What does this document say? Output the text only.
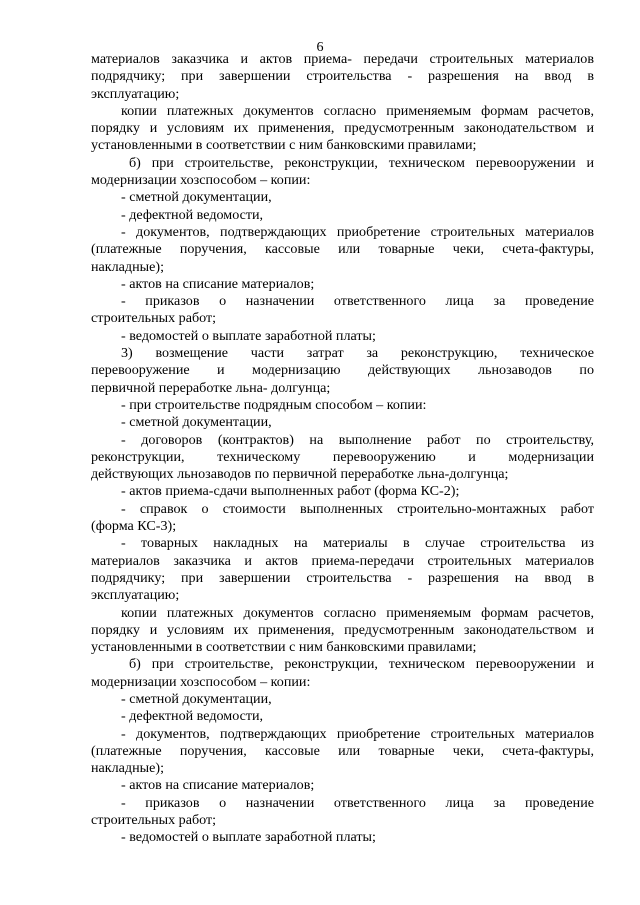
6
материалов заказчика и актов приема- передачи строительных материалов
подрядчику; при завершении строительства - разрешения на ввод в
эксплуатацию;
копии платежных документов согласно применяемым формам расчетов,
порядку и условиям их применения, предусмотренным законодательством и
установленными в соответствии с ним банковскими правилами;
б) при строительстве, реконструкции, техническом перевооружении и
модернизации хозспособом – копии:
- сметной документации,
- дефектной ведомости,
- документов, подтверждающих приобретение строительных материалов
(платежные поручения, кассовые или товарные чеки, счета-фактуры,
накладные);
- актов на списание материалов;
- приказов о назначении ответственного лица за проведение
строительных работ;
- ведомостей о выплате заработной платы;
3) возмещение части затрат за реконструкцию, техническое
перевооружение и модернизацию действующих льнозаводов по
первичной переработке льна- долгунца;
- при строительстве подрядным способом – копии:
- сметной документации,
- договоров (контрактов) на выполнение работ по строительству,
реконструкции, техническому перевооружению и модернизации
действующих льнозаводов по первичной переработке льна-долгунца;
- актов приема-сдачи выполненных работ (форма КС-2);
- справок о стоимости выполненных строительно-монтажных работ
(форма КС-3);
- товарных накладных на материалы в случае строительства из
материалов заказчика и актов приема-передачи строительных материалов
подрядчику; при завершении строительства - разрешения на ввод в
эксплуатацию;
копии платежных документов согласно применяемым формам расчетов,
порядку и условиям их применения, предусмотренным законодательством и
установленными в соответствии с ним банковскими правилами;
б) при строительстве, реконструкции, техническом перевооружении и
модернизации хозспособом – копии:
- сметной документации,
- дефектной ведомости,
- документов, подтверждающих приобретение строительных материалов
(платежные поручения, кассовые или товарные чеки, счета-фактуры,
накладные);
- актов на списание материалов;
- приказов о назначении ответственного лица за проведение
строительных работ;
- ведомостей о выплате заработной платы;
